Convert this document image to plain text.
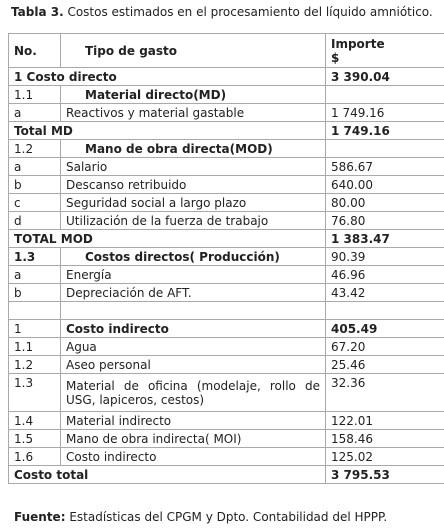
Tabla 3. Costos estimados en el procesamiento del líquido amniótico.
No.	Tipo de gasto	Importe
$
1 Costo directo		3 390.04
1.1	Material directo(MD)	
a	Reactivos y material gastable	1 749.16
Total MD		1 749.16
1.2	Mano de obra directa(MOD)	
a	Salario	586.67
b	Descanso retribuido	640.00
c	Seguridad social a largo plazo	80.00
d	Utilización de la fuerza de trabajo	76.80
TOTAL MOD		1 383.47
1.3	Costos directos( Producción)	90.39
a	Energía	46.96
b	Depreciación de AFT.	43.42

1	Costo indirecto	405.49
1.1	Agua	67.20
1.2	Aseo personal	25.46
1.3	Material de oficina (modelaje, rollo de USG, lapiceros, cestos)	32.36
1.4	Material indirecto	122.01
1.5	Mano de obra indirecta( MOI)	158.46
1.6	Costo indirecto	125.02
Costo total		3 795.53
Fuente: Estadísticas del CPGM y Dpto. Contabilidad del HPPP.
